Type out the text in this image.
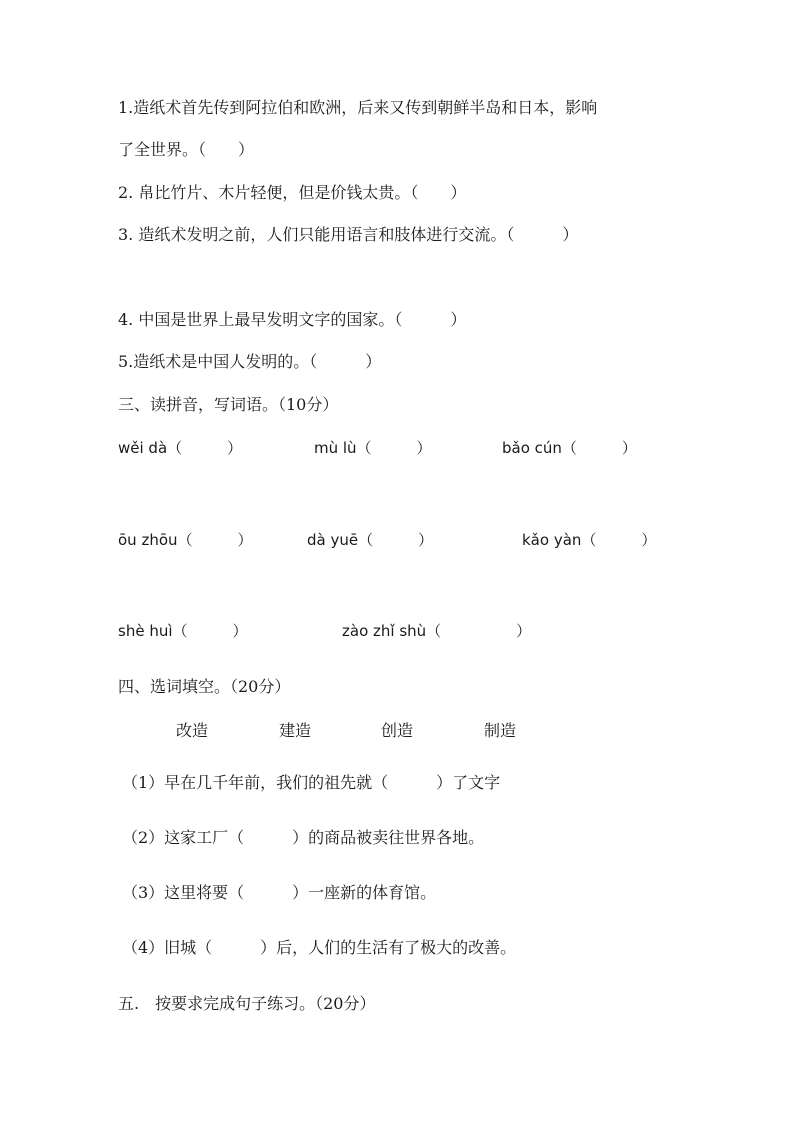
1.造纸术首先传到阿拉伯和欧洲，后来又传到朝鲜半岛和日本，影响
了全世界。（　　）
2. 帛比竹片、木片轻便，但是价钱太贵。（　　）
3. 造纸术发明之前，人们只能用语言和肢体进行交流。（　　　）
4. 中国是世界上最早发明文字的国家。（　　　）
5.造纸术是中国人发明的。（　　　）
三、读拼音，写词语。（10分）
wěi dà（　　　）	mù lù（　　　）	bǎo cún（　　　）
ōu zhōu（　　　）	dà yuē（　　　）	kǎo yàn（　　　）
shè huì（　　　）	zào zhǐ shù（　　　　　）
四、选词填空。（20分）
改造	建造	创造	制造
（1）早在几千年前，我们的祖先就（　　　）了文字
（2）这家工厂（　　　）的商品被卖往世界各地。
（3）这里将要（　　　）一座新的体育馆。
（4）旧城（　　　）后，人们的生活有了极大的改善。
五.　按要求完成句子练习。（20分）
